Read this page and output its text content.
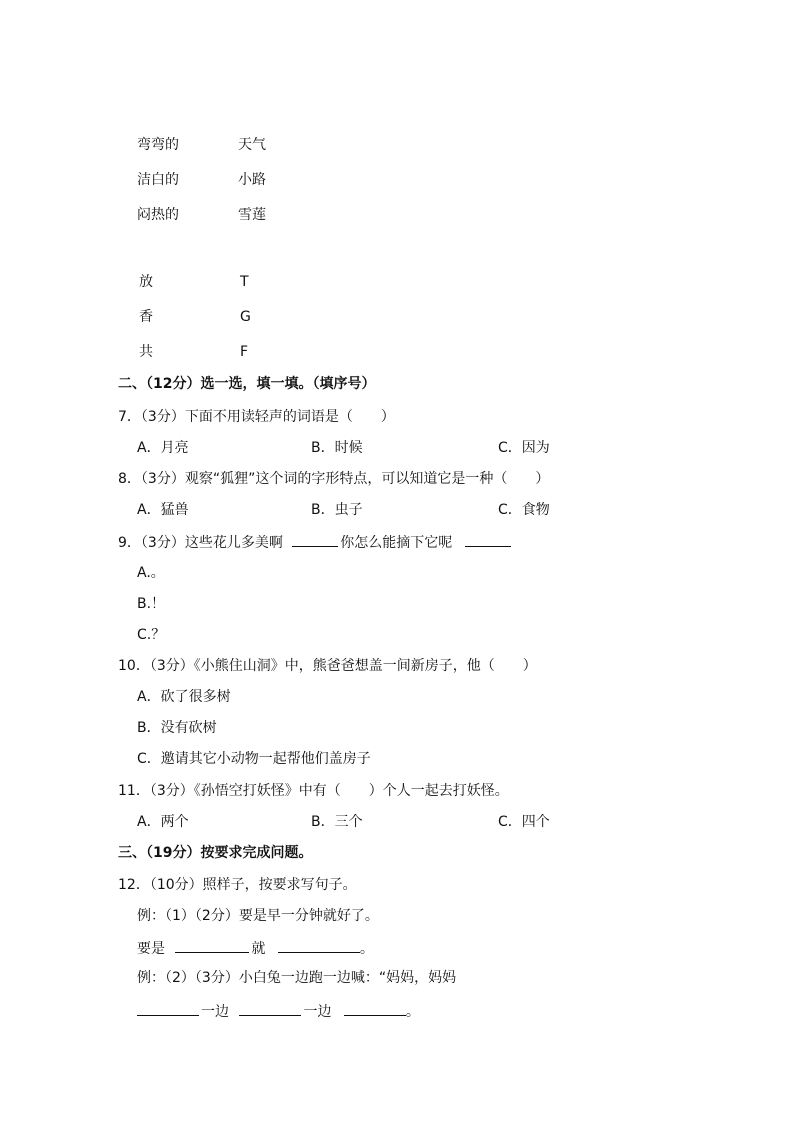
弯弯的	天气
洁白的	小路
闷热的	雪莲
放	T
香	G
共	F
二、（12分）选一选，填一填。（填序号）
7．（3分）下面不用读轻声的词语是（　　）
A．月亮	B．时候	C．因为
8．（3分）观察“狐狸”这个词的字形特点，可以知道它是一种（　　）
A．猛兽	B．虫子	C．食物
9．（3分）这些花儿多美啊	你怎么能摘下它呢
A.。
B.！
C.？
10．（3分）《小熊住山洞》中，熊爸爸想盖一间新房子，他（　　）
A．砍了很多树
B．没有砍树
C．邀请其它小动物一起帮他们盖房子
11．（3分）《孙悟空打妖怪》中有（　　）个人一起去打妖怪。
A．两个	B．三个	C．四个
三、（19分）按要求完成问题。
12．（10分）照样子，按要求写句子。
例：（1）（2分）要是早一分钟就好了。
要是	就	。
例：（2）（3分）小白兔一边跑一边喊：“妈妈，妈妈
一边	一边	。
